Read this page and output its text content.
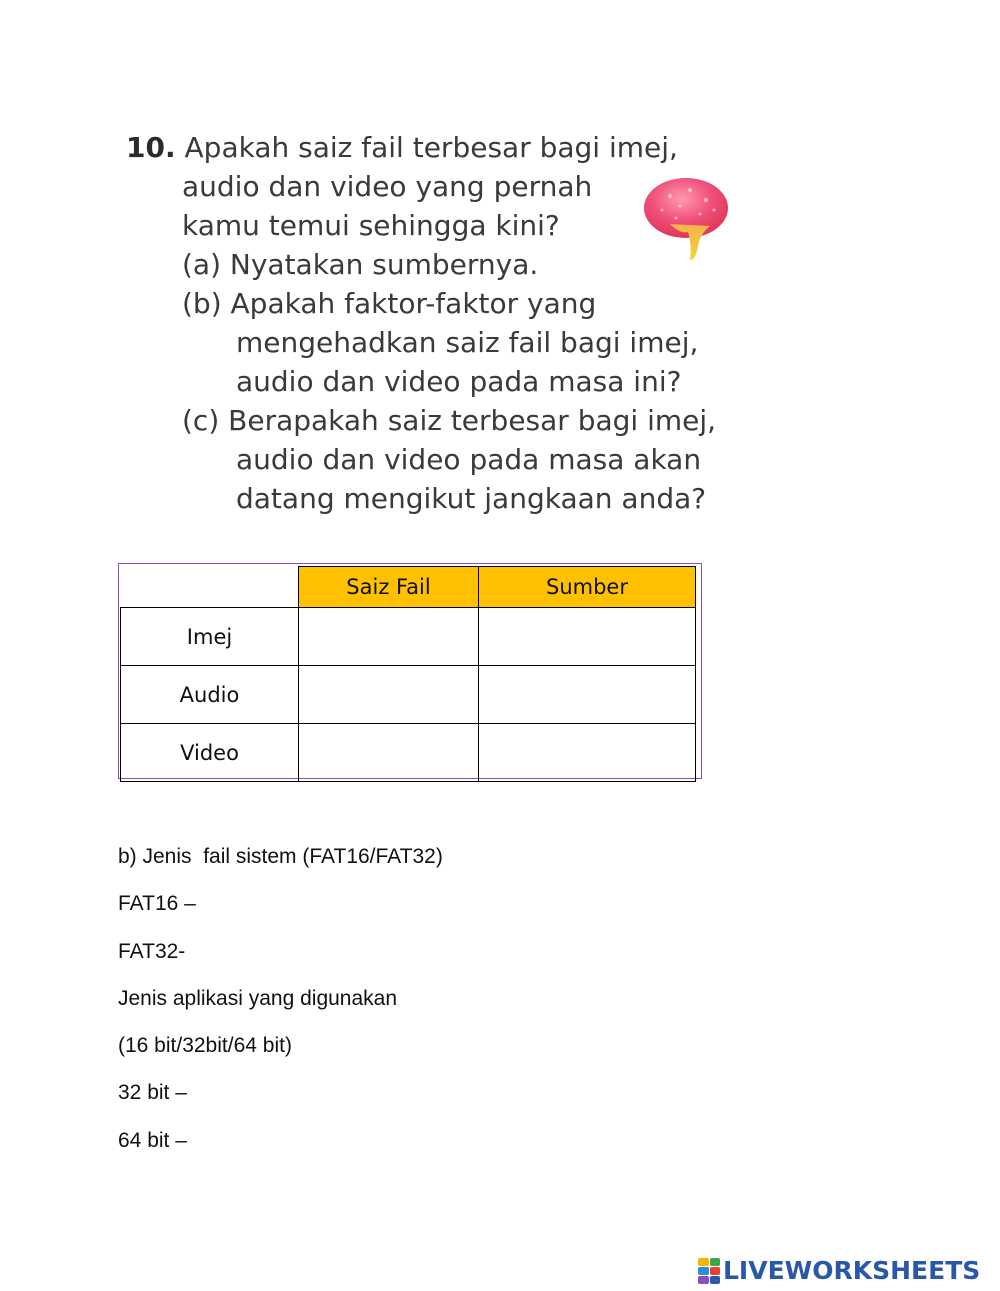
10. Apakah saiz fail terbesar bagi imej,
audio dan video yang pernah
kamu temui sehingga kini?
(a) Nyatakan sumbernya.
(b) Apakah faktor-faktor yang
mengehadkan saiz fail bagi imej,
audio dan video pada masa ini?
(c) Berapakah saiz terbesar bagi imej,
audio dan video pada masa akan
datang mengikut jangkaan anda?
	Saiz Fail	Sumber
Imej		
Audio		
Video		
b) Jenis  fail sistem (FAT16/FAT32)
FAT16 –
FAT32-
Jenis aplikasi yang digunakan
(16 bit/32bit/64 bit)
32 bit –
64 bit –
LIVEWORKSHEETS
